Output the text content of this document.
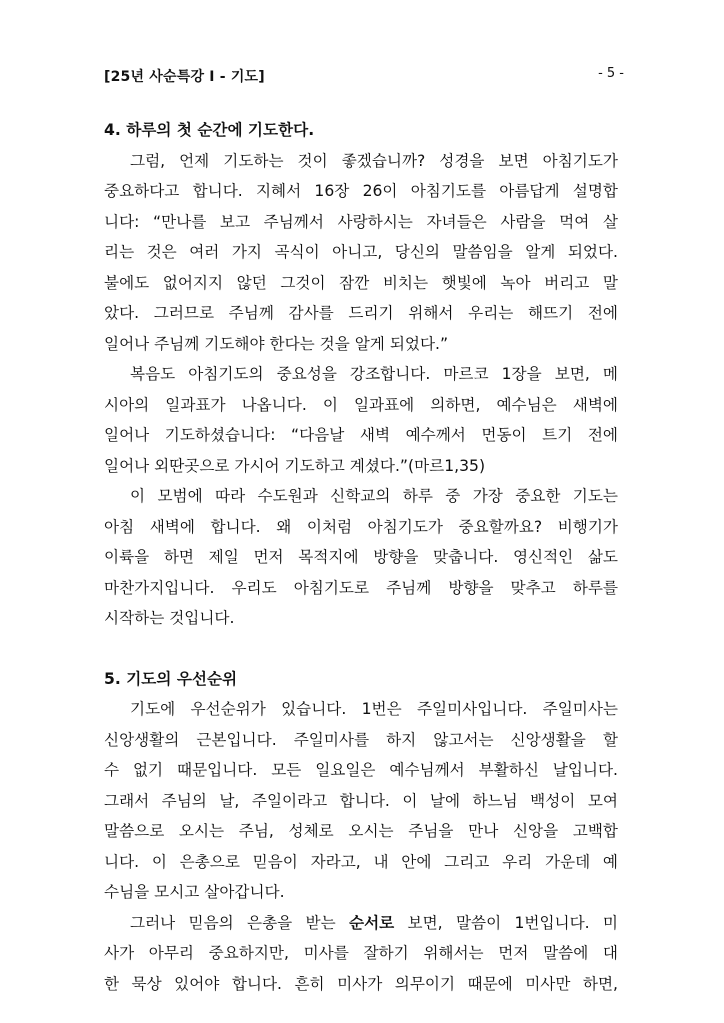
[25년 사순특강 Ⅰ - 기도]	- 5 -
4. 하루의 첫 순간에 기도한다.
그럼, 언제 기도하는 것이 좋겠습니까? 성경을 보면 아침기도가
중요하다고 합니다. 지혜서 16장 26이 아침기도를 아름답게 설명합
니다: “만나를 보고 주님께서 사랑하시는 자녀들은 사람을 먹여 살
리는 것은 여러 가지 곡식이 아니고, 당신의 말씀임을 알게 되었다.
불에도 없어지지 않던 그것이 잠깐 비치는 햇빛에 녹아 버리고 말
았다. 그러므로 주님께 감사를 드리기 위해서 우리는 해뜨기 전에
일어나 주님께 기도해야 한다는 것을 알게 되었다.”
복음도 아침기도의 중요성을 강조합니다. 마르코 1장을 보면, 메
시아의 일과표가 나옵니다. 이 일과표에 의하면, 예수님은 새벽에
일어나 기도하셨습니다: “다음날 새벽 예수께서 먼동이 트기 전에
일어나 외딴곳으로 가시어 기도하고 계셨다.”(마르1,35)
이 모범에 따라 수도원과 신학교의 하루 중 가장 중요한 기도는
아침 새벽에 합니다. 왜 이처럼 아침기도가 중요할까요? 비행기가
이륙을 하면 제일 먼저 목적지에 방향을 맞춥니다. 영신적인 삶도
마찬가지입니다. 우리도 아침기도로 주님께 방향을 맞추고 하루를
시작하는 것입니다.
5. 기도의 우선순위
기도에 우선순위가 있습니다. 1번은 주일미사입니다. 주일미사는
신앙생활의 근본입니다. 주일미사를 하지 않고서는 신앙생활을 할
수 없기 때문입니다. 모든 일요일은 예수님께서 부활하신 날입니다.
그래서 주님의 날, 주일이라고 합니다. 이 날에 하느님 백성이 모여
말씀으로 오시는 주님, 성체로 오시는 주님을 만나 신앙을 고백합
니다. 이 은총으로 믿음이 자라고, 내 안에 그리고 우리 가운데 예
수님을 모시고 살아갑니다.
그러나 믿음의 은총을 받는 순서로 보면, 말씀이 1번입니다. 미
사가 아무리 중요하지만, 미사를 잘하기 위해서는 먼저 말씀에 대
한 묵상 있어야 합니다. 흔히 미사가 의무이기 때문에 미사만 하면,
